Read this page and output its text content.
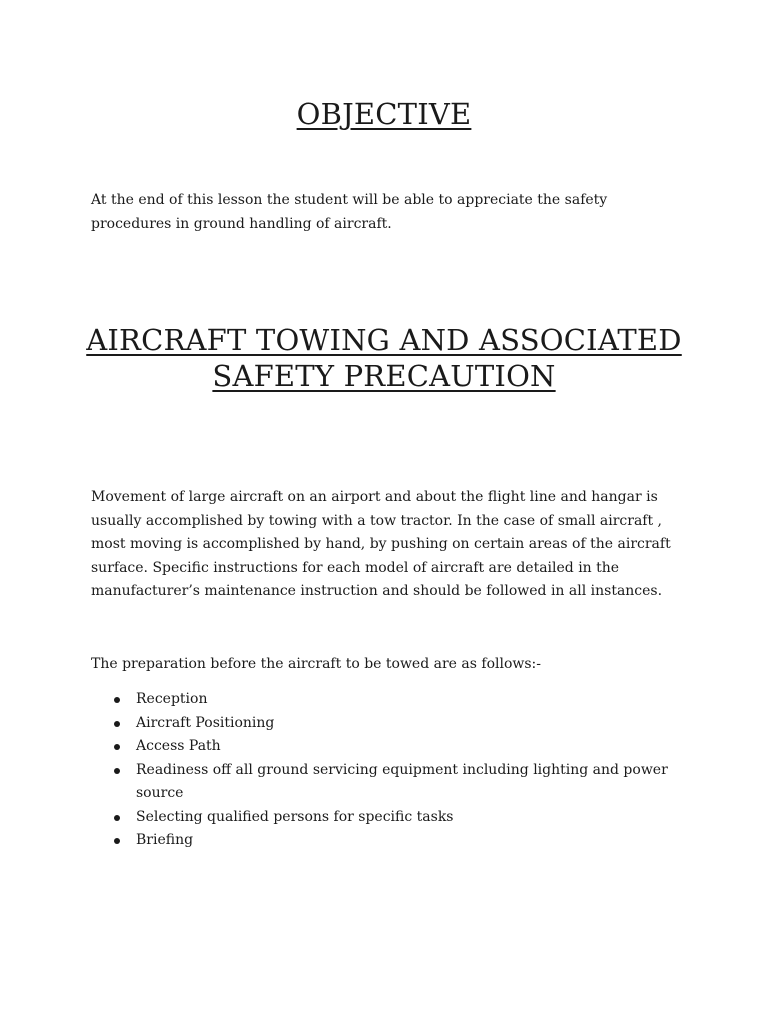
OBJECTIVE

At the end of this lesson the student will be able to appreciate the safety procedures in ground handling of aircraft.

AIRCRAFT TOWING AND ASSOCIATED
SAFETY PRECAUTION

Movement of large aircraft on an airport and about the flight line and hangar is usually accomplished by towing with a tow tractor. In the case of small aircraft , most moving is accomplished by hand, by pushing on certain areas of the aircraft surface. Specific instructions for each model of aircraft are detailed in the manufacturer’s maintenance instruction and should be followed in all instances.

The preparation before the aircraft to be towed are as follows:-

Reception
Aircraft Positioning
Access Path
Readiness off all ground servicing equipment including lighting and power source
Selecting qualified persons for specific tasks
Briefing
